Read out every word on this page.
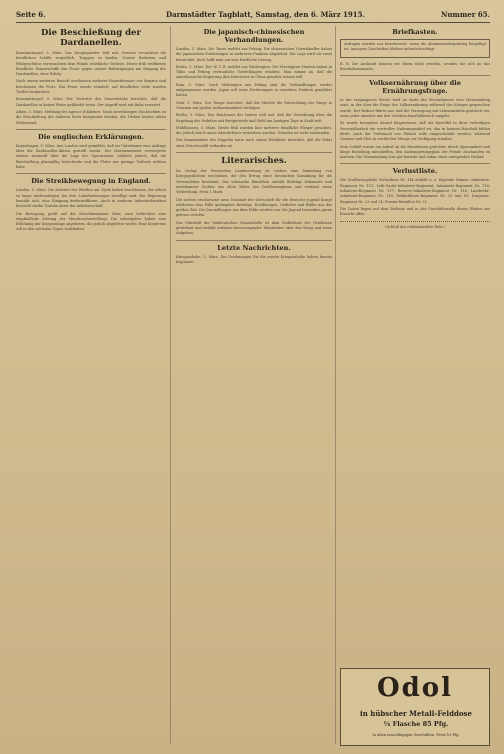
Seite 6.	Darmstädter Tagblatt, Samstag, den 6. März 1915.	Nummer 65.
Die Beschießung der Dardanellen.

Konstantinopel, 5. März. Das Hauptquartier teilt mit: Gestern versuchten die feindlichen Schiffe vergeblich, Truppen zu landen. Unsere Batterien und Feldgeschütze verursachten dem Feinde erhebliche Verluste. Heute früh eröffneten feindliche Panzerschiffe das Feuer gegen unsere Befestigungen am Eingang der Dardanellen, ohne Erfolg.

Nach einem weiteren Bericht erschienen mehrere Panzerkreuzer vor Smyrna und beschossen die Forts. Das Feuer wurde erwidert; auf feindlicher Seite wurden Treffer beobachtet.

Konstantinopel, 5. März. Der Vertreter des Generalstabs berichtet, daß die Dardanellen in keiner Weise gefährdet seien. Der Angriff wird mit Ruhe erwartet.

Athen, 5. März. Meldung der Agence d'Athènes: Nach zuverlässigen Nachrichten ist die Beschießung der äußeren Forts fortgesetzt worden; die Türken leisten zähen Widerstand.

Die englischen Erklärungen.

Kopenhagen, 5. März. Aus London wird gemeldet, daß im Unterhause eine Anfrage über die Dardanellen-Aktion gestellt wurde. Der Marineminister verweigerte nähere Auskunft über die Lage der Operationen, erklärte jedoch, daß die Beschießung planmäßig fortschreite und die Flotte nur geringe Verluste erlitten habe.

Die Streikbewegung in England.

London, 5. März. Die Arbeiter der Werften am Clyde haben beschlossen, die Arbeit so lange niederzulegen, bis ihre Lohnforderungen bewilligt sind. Die Regierung bemüht sich, eine Einigung herbeizuführen. Auch in anderen Industriebezirken herrscht starke Unruhe unter der Arbeiterschaft.

Die Bewegung greift auf die Maschinenbauer über; man befürchtet eine empfindliche Störung der Munitionsherstellung. Die Arbeitgeber haben eine Erhöhung der Kriegszulage angeboten, die jedoch abgelehnt wurde. Eine Konferenz soll in den nächsten Tagen stattfinden.

Die japanisch-chinesischen Verhandlungen.

London, 5. März. Die Times meldet aus Peking: Die chinesischen Unterhändler haben die japanischen Forderungen in mehreren Punkten abgelehnt. Die Lage wird als ernst betrachtet, doch hofft man auf eine friedliche Lösung.

Berlin, 5. März. Der W. T. B. meldet aus Washington: Die Vereinigten Staaten haben in Tokio und Peking vertrauliche Vorstellungen erhoben. Man nimmt an, daß die amerikanische Regierung ihre Interessen in China gewahrt wissen will.

Rom, 5. März. Nach Meldungen aus Peking sind die Verhandlungen wieder aufgenommen worden. Japan soll seine Forderungen in einzelnen Punkten gemildert haben.

Genf, 5. März. Der Temps berichtet, daß die Mächte die Entwicklung der Dinge in Ostasien mit großer Aufmerksamkeit verfolgen.

Berlin, 5. März. Das Reichsamt des Innern teilt mit, daß die Verordnung über die Regelung des Verkehrs mit Brotgetreide und Mehl am heutigen Tage in Kraft tritt.

Mühlhausen, 5. März. Heute früh wurden hier mehrere feindliche Flieger gesichtet, die jedoch durch unser Abwehrfeuer vertrieben wurden. Schaden ist nicht entstanden.

Der Kommandant des Zeppelin hatte nach seiner Rückkehr berichtet, daß die Fahrt ohne Zwischenfall verlaufen sei.

Literarisches.

Im Verlag der Hessischen Landeszeitung ist soeben eine Sammlung von Kriegsgedichten erschienen, die den Ertrag einer hessischen Sammlung für die Verwundeten bestimmt. Das schmucke Bändchen enthält Beiträge bekannter und unbekannter Dichter aus allen Teilen des Großherzogtums und verdient weite Verbreitung. Preis 1 Mark.

Die soeben erschienene neue Nummer der Zeitschrift für die deutsche Jugend bringt wiederum eine Fülle gediegener Beiträge, Erzählungen, Gedichte und Bilder aus der großen Zeit. Die Darstellungen aus dem Felde werden von der Jugend besonders gerne gelesen werden.

Das Märzheft der Süddeutschen Monatshefte ist dem Gedächtnis der Gefallenen gewidmet und enthält Aufsätze hervorragender Mitarbeiter über den Krieg und seine Aufgaben.

Letzte Nachrichten.

Kriegsanleihe, 5. März. Die Zeichnungen für die zweite Kriegsanleihe haben bereits begonnen.

Briefkasten.

Anfragen werden nur beantwortet, wenn die Abonnementsquittung beigefügt ist. Anonyme Zuschriften bleiben unberücksichtigt.

R. B. Die Auskunft können wir Ihnen nicht erteilen, wenden Sie sich an das Bezirkskommando.

Volksernährung über die Ernährungsfrage.

In der vergangenen Woche fand im Saale des Vereinshauses eine Versammlung statt, in der über die Frage der Volksernährung während des Krieges gesprochen wurde. Der Redner führte aus, daß die Versorgung mit Lebensmitteln gesichert sei, wenn jeder einzelne mit den Vorräten haushälterisch umgehe.

Es wurde besonders darauf hingewiesen, daß die Kartoffel in ihrer vielseitigen Verwendbarkeit ein wertvolles Nahrungsmittel sei, das in keinem Haushalt fehlen dürfe. Auch der Verbrauch von Fleisch solle eingeschränkt werden, während Gemüse und Obst in reichlicher Menge zur Verfügung stünden.

Zum Schluß wurde ein Aufruf an die Hausfrauen gerichtet, durch Sparsamkeit und kluge Einteilung mitzuhelfen, den Aushungerungsplan der Feinde zuschanden zu machen. Die Versammlung war gut besucht und nahm einen anregenden Verlauf.

Verlustliste.

Die Großherzogliche Verlustliste Nr. 144 enthält u. a. folgende Namen: Infanterie-Regiment Nr. 115, Leib-Garde-Infanterie-Regiment; Infanterie-Regiment Nr. 116; Infanterie-Regiment Nr. 117; Reserve-Infanterie-Regiment Nr. 116; Landwehr-Infanterie-Regiment Nr. 118; Feldartillerie-Regiment Nr. 25 und 61; Dragoner-Regiment Nr. 23 und 24; Pionier-Bataillon Nr. 21.

Die Listen liegen auf dem Rathaus und in der Geschäftsstelle dieses Blattes zur Einsicht offen.

(Schluß des redaktionellen Teils.)

Odol
in hübscher Metall-Felddose
¼ Flasche 85 Pfg.
In allen einschlägigen Geschäften. Preis 10 Pfg.
